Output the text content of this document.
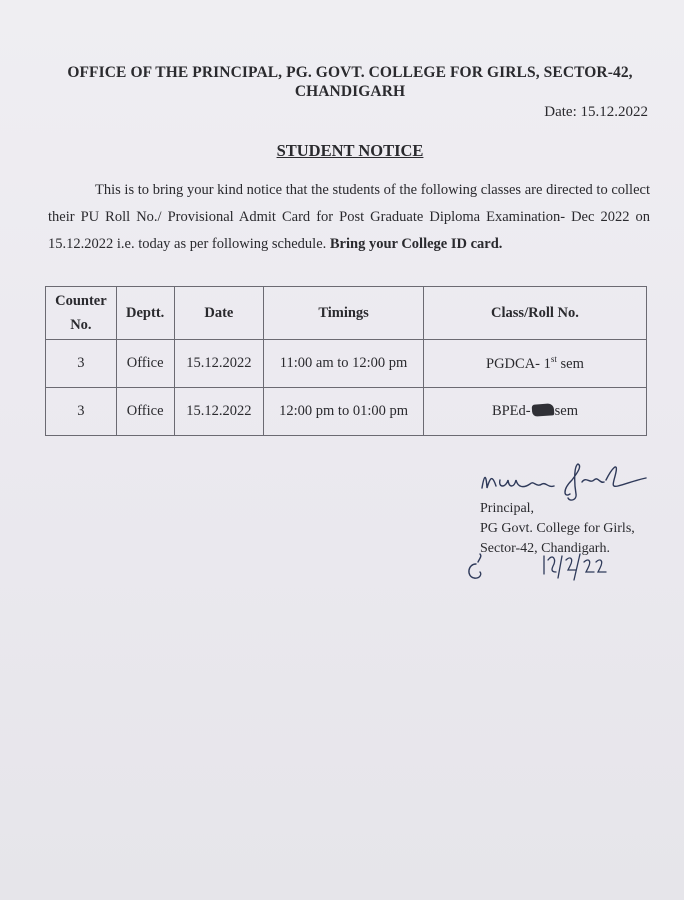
OFFICE OF THE PRINCIPAL, PG. GOVT. COLLEGE FOR GIRLS, SECTOR-42,
CHANDIGARH
Date: 15.12.2022
STUDENT NOTICE
This is to bring your kind notice that the students of the following classes are directed to collect their PU Roll No./ Provisional Admit Card for Post Graduate Diploma Examination- Dec 2022 on 15.12.2022 i.e. today as per following schedule. Bring your College ID card.
Counter
No.	Deptt.	Date	Timings	Class/Roll No.
3	Office	15.12.2022	11:00 am to 12:00 pm	PGDCA- 1st sem
3	Office	15.12.2022	12:00 pm to 01:00 pm	BPEd- sem
Principal,
PG Govt. College for Girls,
Sector-42, Chandigarh.
